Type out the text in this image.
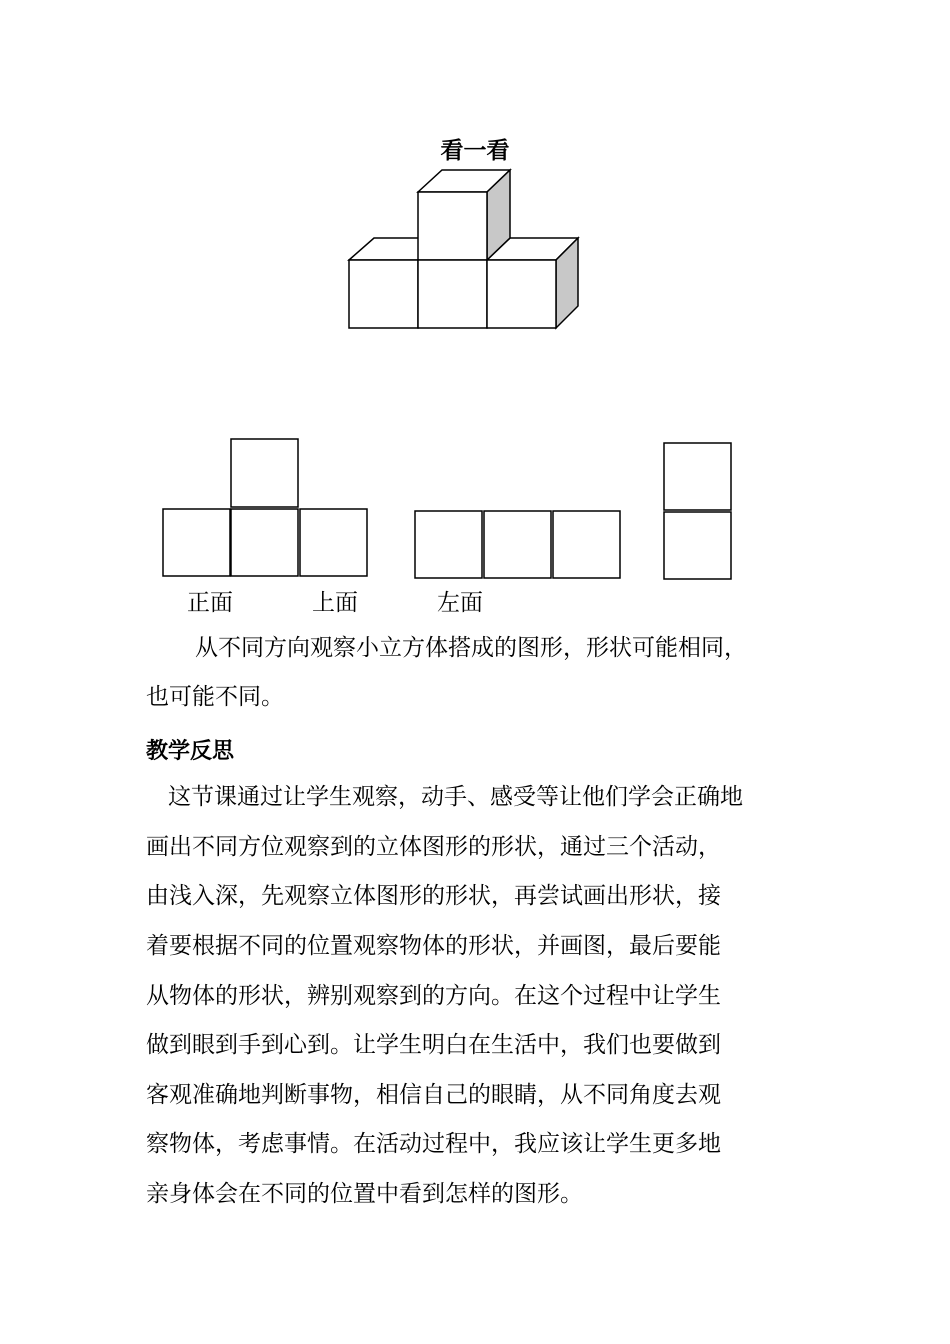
看一看
正面	上面	左面
从不同方向观察小立方体搭成的图形，形状可能相同，
也可能不同。
教学反思
这节课通过让学生观察，动手、感受等让他们学会正确地
画出不同方位观察到的立体图形的形状，通过三个活动，
由浅入深，先观察立体图形的形状，再尝试画出形状，接
着要根据不同的位置观察物体的形状，并画图，最后要能
从物体的形状，辨别观察到的方向。在这个过程中让学生
做到眼到手到心到。让学生明白在生活中，我们也要做到
客观准确地判断事物，相信自己的眼睛，从不同角度去观
察物体，考虑事情。在活动过程中，我应该让学生更多地
亲身体会在不同的位置中看到怎样的图形。
